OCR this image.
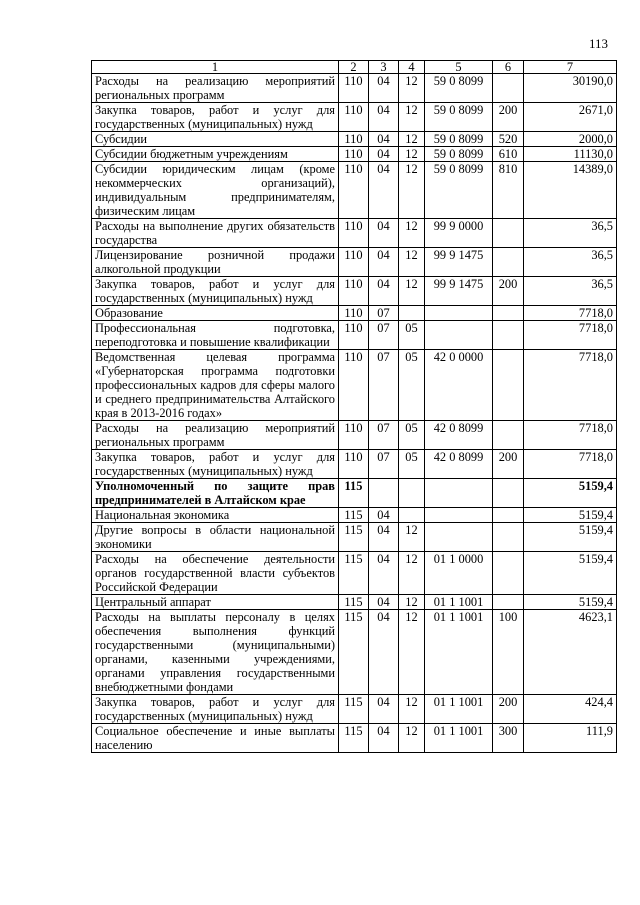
113
1	2	3	4	5	6	7
Расходы на реализацию мероприятий региональных программ	110	04	12	59 0 8099		30190,0
Закупка товаров, работ и услуг для государственных (муниципальных) нужд	110	04	12	59 0 8099	200	2671,0
Субсидии	110	04	12	59 0 8099	520	2000,0
Субсидии бюджетным учреждениям	110	04	12	59 0 8099	610	11130,0
Субсидии юридическим лицам (кроме некоммерческих организаций), индивидуальным предпринимателям, физическим лицам	110	04	12	59 0 8099	810	14389,0
Расходы на выполнение других обязательств государства	110	04	12	99 9 0000		36,5
Лицензирование розничной продажи алкогольной продукции	110	04	12	99 9 1475		36,5
Закупка товаров, работ и услуг для государственных (муниципальных) нужд	110	04	12	99 9 1475	200	36,5
Образование	110	07				7718,0
Профессиональная подготовка, переподготовка и повышение квалификации	110	07	05			7718,0
Ведомственная целевая программа «Губернаторская программа подготовки профессиональных кадров для сферы малого и среднего предпринимательства Алтайского края в 2013-2016 годах»	110	07	05	42 0 0000		7718,0
Расходы на реализацию мероприятий региональных программ	110	07	05	42 0 8099		7718,0
Закупка товаров, работ и услуг для государственных (муниципальных) нужд	110	07	05	42 0 8099	200	7718,0
Уполномоченный по защите прав предпринимателей в Алтайском крае	115					5159,4
Национальная экономика	115	04				5159,4
Другие вопросы в области национальной экономики	115	04	12			5159,4
Расходы на обеспечение деятельности органов государственной власти субъектов Российской Федерации	115	04	12	01 1 0000		5159,4
Центральный аппарат	115	04	12	01 1 1001		5159,4
Расходы на выплаты персоналу в целях обеспечения выполнения функций государственными (муниципальными) органами, казенными учреждениями, органами управления государственными внебюджетными фондами	115	04	12	01 1 1001	100	4623,1
Закупка товаров, работ и услуг для государственных (муниципальных) нужд	115	04	12	01 1 1001	200	424,4
Социальное обеспечение и иные выплаты населению	115	04	12	01 1 1001	300	111,9
